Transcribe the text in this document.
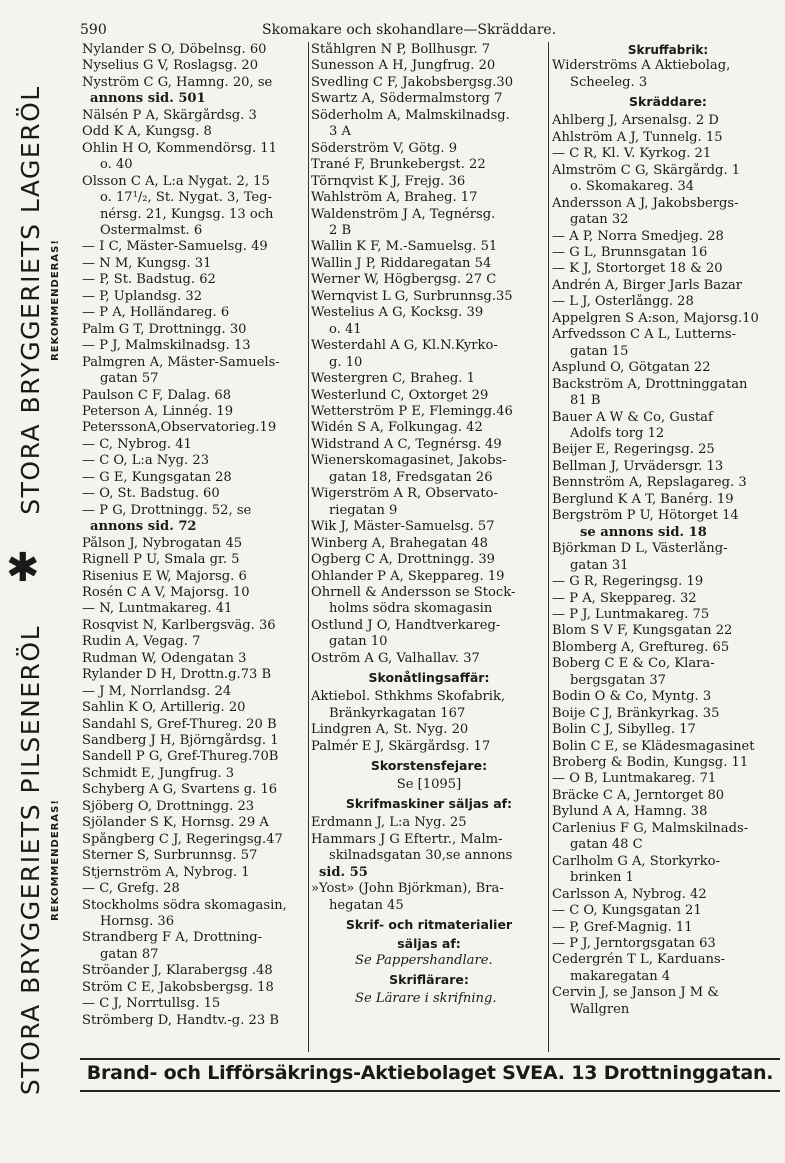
590	Skomakare och skohandlare—Skräddare.
STORA BRYGGERIETS LAGERÖL REKOMMENDERAS!
✱
STORA BRYGGERIETS PILSENERÖL REKOMMENDERAS!
Nylander S O, Döbelnsg. 60
Nyselius G V, Roslagsg. 20
Nyström C G, Hamng. 20, se
annons sid. 501
Nälsén P A, Skärgårdsg. 3
Odd K A, Kungsg. 8
Ohlin H O, Kommendörsg. 11
o. 40
Olsson C A, L:a Nygat. 2, 15
o. 17¹/₂, St. Nygat. 3, Teg-
nérsg. 21, Kungsg. 13 och
Östermalmst. 6
— I C, Mäster-Samuelsg. 49
— N M, Kungsg. 31
— P, St. Badstug. 62
— P, Uplandsg. 32
— P A, Holländareg. 6
Palm G T, Drottningg. 30
— P J, Malmskilnadsg. 13
Palmgren A, Mäster-Samuels-
gatan 57
Paulson C F, Dalag. 68
Peterson A, Linnég. 19
PeterssonA,Observatorieg.19
— C, Nybrog. 41
— C O, L:a Nyg. 23
— G E, Kungsgatan 28
— O, St. Badstug. 60
— P G, Drottningg. 52, se
annons sid. 72
Pålson J, Nybrogatan 45
Rignell P U, Smala gr. 5
Risenius E W, Majorsg. 6
Rosén C A V, Majorsg. 10
— N, Luntmakareg. 41
Rosqvist N, Karlbergsväg. 36
Rudin A, Vegag. 7
Rudman W, Ödengatan 3
Rylander D H, Drottn.g.73 B
— J M, Norrlandsg. 24
Sahlin K O, Artillerig. 20
Sandahl S, Gref-Thureg. 20 B
Sandberg J H, Björngårdsg. 1
Sandell P G, Gref-Thureg.70B
Schmidt E, Jungfrug. 3
Schyberg A G, Svartens g. 16
Sjöberg O, Drottningg. 23
Sjölander S K, Hornsg. 29 A
Spångberg C J, Regeringsg.47
Sterner S, Surbrunnsg. 57
Stjernström A, Nybrog. 1
— C, Grefg. 28
Stockholms södra skomagasin,
Hornsg. 36
Strandberg F A, Drottning-
gatan 87
Ströander J, Klarabergsg .48
Ström C E, Jakobsbergsg. 18
— C J, Norrtullsg. 15
Strömberg D, Handtv.-g. 23 B
Ståhlgren N P, Bollhusgr. 7
Sunesson A H, Jungfrug. 20
Svedling C F, Jakobsbergsg.30
Swartz A, Södermalmstorg 7
Söderholm A, Malmskilnadsg.
3 A
Söderström V, Götg. 9
Trané F, Brunkebergst. 22
Törnqvist K J, Frejg. 36
Wahlström A, Braheg. 17
Waldenström J A, Tegnérsg.
2 B
Wallin K F, M.-Samuelsg. 51
Wallin J P, Riddaregatan 54
Werner W, Högbergsg. 27 C
Wernqvist L G, Surbrunnsg.35
Westelius A G, Kocksg. 39
o. 41
Westerdahl A G, Kl.N.Kyrko-
g. 10
Westergren C, Braheg. 1
Westerlund C, Oxtorget 29
Wetterström P E, Flemingg.46
Widén S A, Folkungag. 42
Widstrand A C, Tegnérsg. 49
Wienerskomagasinet, Jakobs-
gatan 18, Fredsgatan 26
Wigerström A R, Observato-
riegatan 9
Wik J, Mäster-Samuelsg. 57
Winberg A, Brahegatan 48
Ögberg C A, Drottningg. 39
Öhlander P A, Skeppareg. 19
Öhrnell & Andersson se Stock-
holms södra skomagasin
Östlund J O, Handtverkareg-
gatan 10
Öström A G, Valhallav. 37
Skonåtlingsaffär:
Aktiebol. Sthkhms Skofabrik,
Bränkyrkagatan 167
Lindgren A, St. Nyg. 20
Palmér E J, Skärgårdsg. 17
Skorstensfejare:
Se [1095]
Skrifmaskiner säljas af:
Erdmann J, L:a Nyg. 25
Hammars J G Eftertr., Malm-
skilnadsgatan 30,se annons
sid. 55
»Yost» (John Björkman), Bra-
hegatan 45
Skrif- och ritmaterialier
säljas af:
Se Pappershandlare.
Skriflärare:
Se Lärare i skrifning.
Skruffabrik:
Widerströms A Aktiebolag,
Scheeleg. 3
Skräddare:
Ahlberg J, Arsenalsg. 2 D
Ahlström A J, Tunnelg. 15
— C R, Kl. V. Kyrkog. 21
Almström C G, Skärgårdg. 1
o. Skomakareg. 34
Andersson A J, Jakobsbergs-
gatan 32
— A P, Norra Smedjeg. 28
— G L, Brunnsgatan 16
— K J, Stortorget 18 & 20
Andrén A, Birger Jarls Bazar
— L J, Österlångg. 28
Appelgren S A:son, Majorsg.10
Arfvedsson C A L, Lutterns-
gatan 15
Asplund O, Götgatan 22
Backström A, Drottninggatan
81 B
Bauer A W & Co, Gustaf
Adolfs torg 12
Beijer E, Regeringsg. 25
Bellman J, Urvädersgr. 13
Bennström A, Repslagareg. 3
Berglund K A T, Banérg. 19
Bergström P U, Hötorget 14
se annons sid. 18
Björkman D L, Västerlång-
gatan 31
— G R, Regeringsg. 19
— P A, Skeppareg. 32
— P J, Luntmakareg. 75
Blom S V F, Kungsgatan 22
Blomberg A, Greftureg. 65
Boberg C E & Co, Klara-
bergsgatan 37
Bodin O & Co, Myntg. 3
Boije C J, Bränkyrkag. 35
Bolin C J, Sibylleg. 17
Bolin C E, se Klädesmagasinet
Broberg & Bodin, Kungsg. 11
— O B, Luntmakareg. 71
Bräcke C A, Jerntorget 80
Bylund A A, Hamng. 38
Carlenius F G, Malmskilnads-
gatan 48 C
Carlholm G A, Storkyrko-
brinken 1
Carlsson A, Nybrog. 42
— C O, Kungsgatan 21
— P, Gref-Magnig. 11
— P J, Jerntorgsgatan 63
Cedergrén T L, Karduans-
makaregatan 4
Cervin J, se Janson J M &
Wallgren
Brand- och Lifförsäkrings-Aktiebolaget SVEA. 13 Drottninggatan.
